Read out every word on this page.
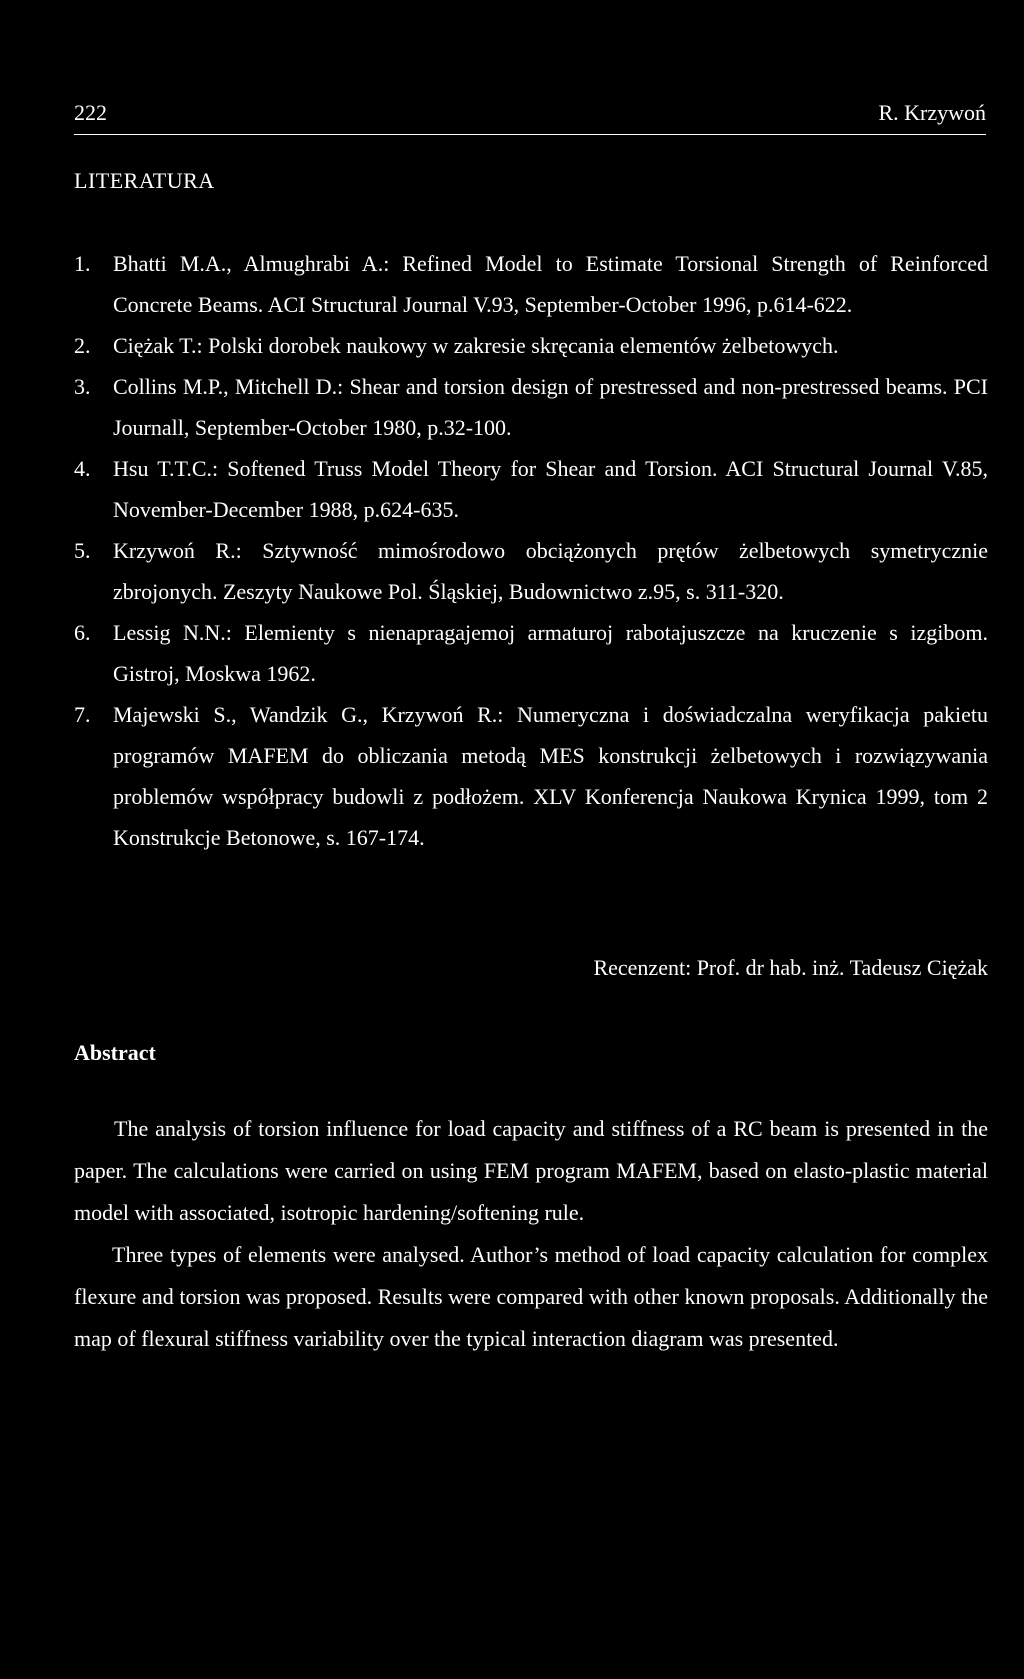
222	R. Krzywoń
LITERATURA
1. Bhatti M.A., Almughrabi A.: Refined Model to Estimate Torsional Strength of Reinforced Concrete Beams. ACI Structural Journal V.93, September-October 1996, p.614-622.
2. Ciężak T.: Polski dorobek naukowy w zakresie skręcania elementów żelbetowych.
3. Collins M.P., Mitchell D.: Shear and torsion design of prestressed and non-prestressed beams. PCI Journall, September-October 1980, p.32-100.
4. Hsu T.T.C.: Softened Truss Model Theory for Shear and Torsion. ACI Structural Journal V.85, November-December 1988, p.624-635.
5. Krzywoń R.: Sztywność mimośrodowo obciążonych prętów żelbetowych symetrycznie zbrojonych. Zeszyty Naukowe Pol. Śląskiej, Budownictwo z.95, s. 311-320.
6. Lessig N.N.: Elemienty s nienapragajemoj armaturoj rabotajuszcze na kruczenie s izgibom. Gistroj, Moskwa 1962.
7. Majewski S., Wandzik G., Krzywoń R.: Numeryczna i doświadczalna weryfikacja pakietu programów MAFEM do obliczania metodą MES konstrukcji żelbetowych i rozwiązywania problemów współpracy budowli z podłożem. XLV Konferencja Naukowa Krynica 1999, tom 2 Konstrukcje Betonowe, s. 167-174.
Recenzent: Prof. dr hab. inż. Tadeusz Ciężak
Abstract

The analysis of torsion influence for load capacity and stiffness of a RC beam is presented in the paper. The calculations were carried on using FEM program MAFEM, based on elasto-plastic material model with associated, isotropic hardening/softening rule.

Three types of elements were analysed. Author’s method of load capacity calculation for complex flexure and torsion was proposed. Results were compared with other known proposals. Additionally the map of flexural stiffness variability over the typical interaction diagram was presented.
